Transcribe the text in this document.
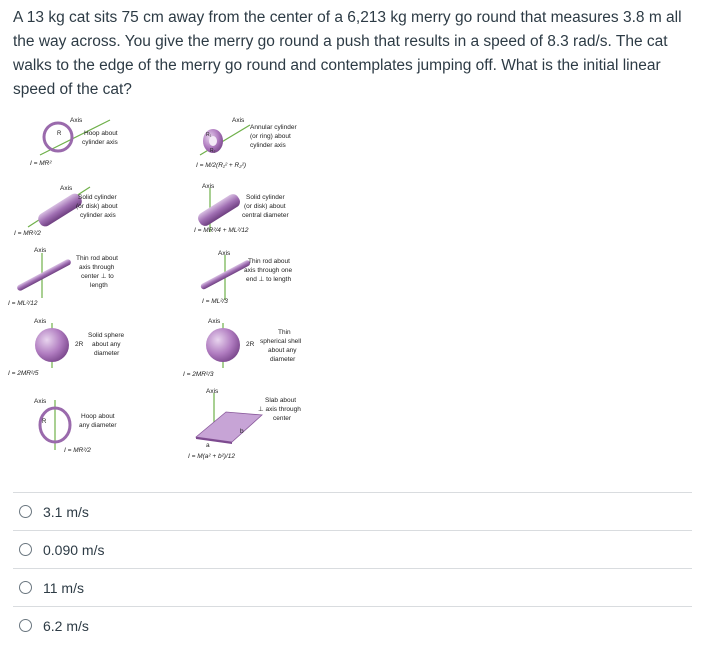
A 13 kg cat sits 75 cm away from the center of a 6,213 kg merry go round that measures 3.8 m all the way across. You give the merry go round a push that results in a speed of 8.3 rad/s. The cat walks to the edge of the merry go round and contemplates jumping off. What is the initial linear speed of the cat?

R
Axis
Hoop about
cylinder axis
I = MR²
R₁
R₂
Axis
Annular cylinder
(or ring) about
cylinder axis
I = M/2(R₁² + R₂²)
Axis
Solid cylinder
(or disk) about
cylinder axis
I = MR²/2
Axis
Solid cylinder
(or disk) about
central diameter
I = MR²/4 + ML²/12
Axis
Thin rod about
axis through
center ⊥ to
length
I = ML²/12
Axis
Thin rod about
axis through one
end ⊥ to length
I = ML²/3
Axis
2R
Solid sphere
about any
diameter
I = 2MR²/5
Axis
2R
Thin
spherical shell
about any
diameter
I = 2MR²/3
R
Axis
Hoop about
any diameter
I = MR²/2
Axis
a
b
Slab about
⊥ axis through
center
I = M(a² + b²)/12
3.1 m/s
0.090 m/s
11 m/s
6.2 m/s
